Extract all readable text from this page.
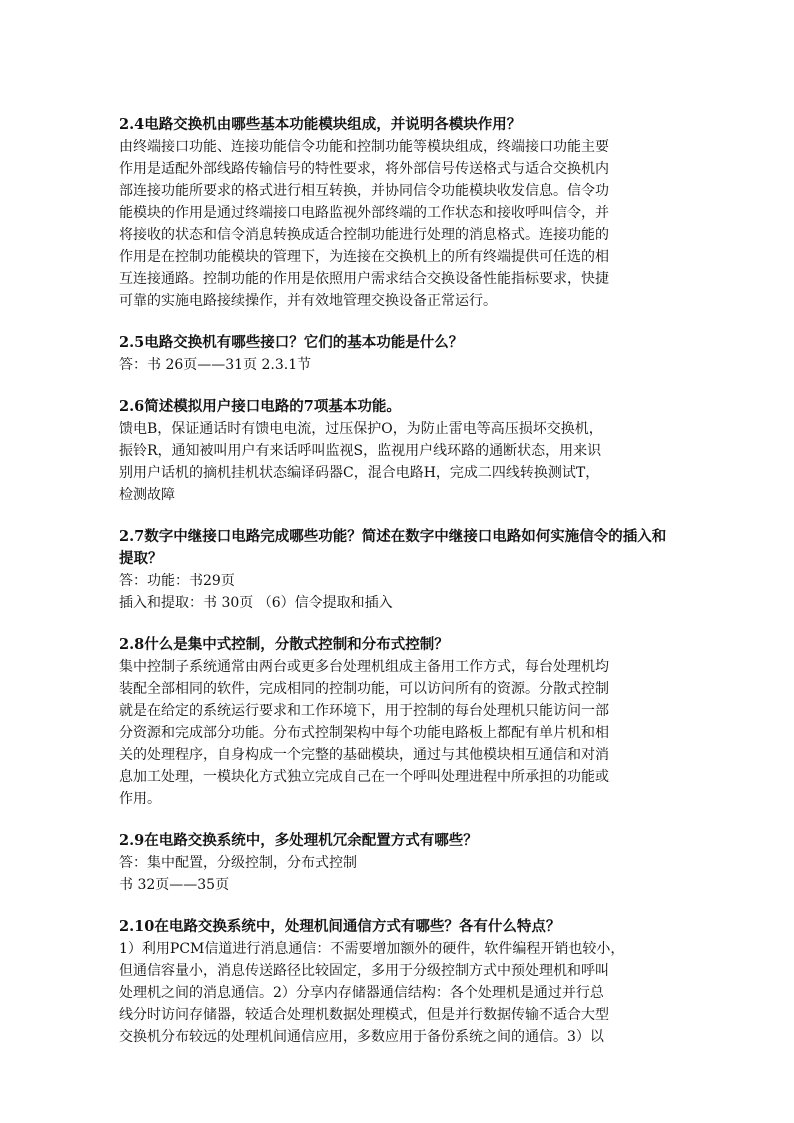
2.4电路交换机由哪些基本功能模块组成，并说明各模块作用？

由终端接口功能、连接功能信令功能和控制功能等模块组成，终端接口功能主要

作用是适配外部线路传输信号的特性要求，将外部信号传送格式与适合交换机内

部连接功能所要求的格式进行相互转换，并协同信令功能模块收发信息。信令功

能模块的作用是通过终端接口电路监视外部终端的工作状态和接收呼叫信令，并

将接收的状态和信令消息转换成适合控制功能进行处理的消息格式。连接功能的

作用是在控制功能模块的管理下，为连接在交换机上的所有终端提供可任选的相

互连接通路。控制功能的作用是依照用户需求结合交换设备性能指标要求，快捷

可靠的实施电路接续操作，并有效地管理交换设备正常运行。

2.5电路交换机有哪些接口？它们的基本功能是什么？

答：书 26页——31页 2.3.1节

2.6简述模拟用户接口电路的7项基本功能。

馈电B，保证通话时有馈电电流，过压保护O，为防止雷电等高压损坏交换机，

振铃R，通知被叫用户有来话呼叫监视S，监视用户线环路的通断状态，用来识

别用户话机的摘机挂机状态编译码器C，混合电路H，完成二四线转换测试T，

检测故障

2.7数字中继接口电路完成哪些功能？简述在数字中继接口电路如何实施信令的插入和提取？

答：功能：书29页

插入和提取：书 30页 （6）信令提取和插入

2.8什么是集中式控制，分散式控制和分布式控制？

集中控制子系统通常由两台或更多台处理机组成主备用工作方式，每台处理机均

装配全部相同的软件，完成相同的控制功能，可以访问所有的资源。分散式控制

就是在给定的系统运行要求和工作环境下，用于控制的每台处理机只能访问一部

分资源和完成部分功能。分布式控制架构中每个功能电路板上都配有单片机和相

关的处理程序，自身构成一个完整的基础模块，通过与其他模块相互通信和对消

息加工处理，一模块化方式独立完成自己在一个呼叫处理进程中所承担的功能或

作用。

2.9在电路交换系统中，多处理机冗余配置方式有哪些？

答：集中配置，分级控制，分布式控制

书 32页——35页

2.10在电路交换系统中，处理机间通信方式有哪些？各有什么特点？

1）利用PCM信道进行消息通信：不需要增加额外的硬件，软件编程开销也较小，

但通信容量小，消息传送路径比较固定，多用于分级控制方式中预处理机和呼叫

处理机之间的消息通信。2）分享内存储器通信结构：各个处理机是通过并行总

线分时访问存储器，较适合处理机数据处理模式，但是并行数据传输不适合大型

交换机分布较远的处理机间通信应用，多数应用于备份系统之间的通信。3）以
